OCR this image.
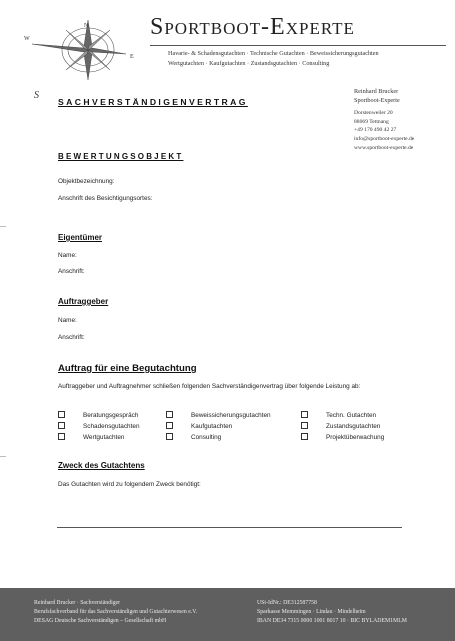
N
E
S
W	Sportboot-Experte
Havarie- & Schadensgutachten · Technische Gutachten · Beweissicherungsgutachten
Wertgutachten · Kaufgutachten · Zustandsgutachten · Consulting
Reinhard Brucker
Sportboot-Experte
Dorstenweiler 20
88069 Tettnang
+49 170 490 42 27
info@sportboot-experte.de
www.sportboot-experte.de
SACHVERSTÄNDIGENVERTRAG
BEWERTUNGSOBJEKT
Objektbezeichnung:
Anschrift des Besichtigungsortes:
Eigentümer
Name:
Anschrift:
Auftraggeber
Name:
Anschrift:
Auftrag für eine Begutachtung
Auftraggeber und Auftragnehmer schließen folgenden Sachverständigenvertrag über folgende Leistung ab:
Beratungsgespräch
Schadensgutachten
Wertgutachten
Beweissicherungsgutachten
Kaufgutachten
Consulting
Techn. Gutachten
Zustandsgutachten
Projektüberwachung
Zweck des Gutachtens
Das Gutachten wird zu folgendem Zweck benötigt:
Reinhard Brucker · Sachverständiger
Berufsfachverband für das Sachverständigen und Gutachterwesen e.V.
DESAG Deutsche Sachverständigen – Gesellschaft mbH
USt-IdNr.: DE312587758
Sparkasse Memmingen · Lindau · Mindelheim
IBAN DE34 7315 0000 1001 8017 10 · BIC BYLADEM1MLM
